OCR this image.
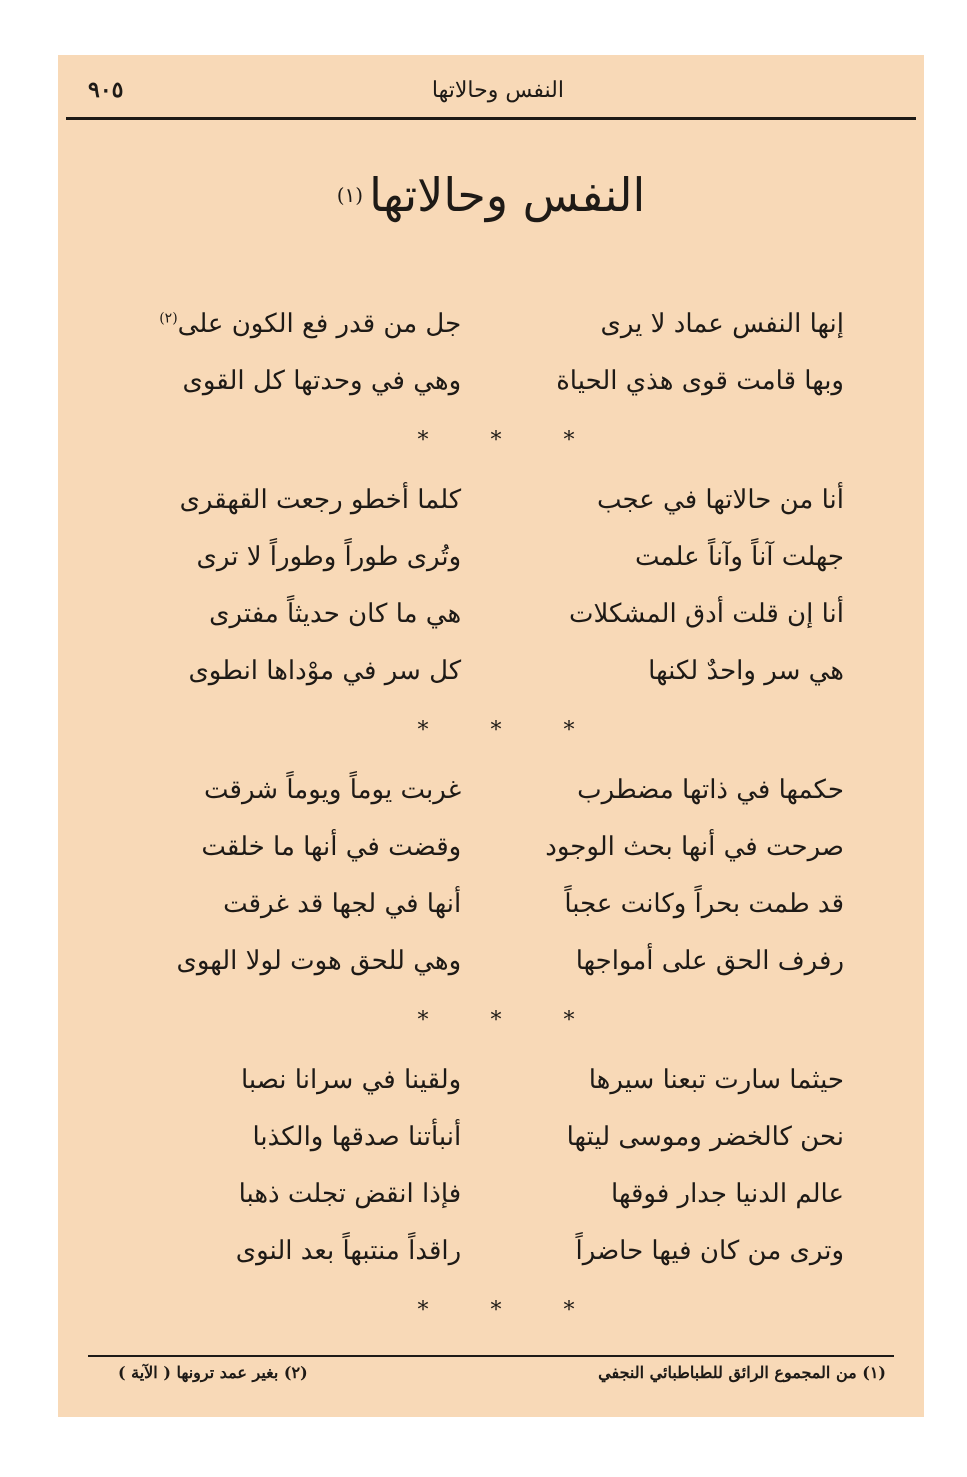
النفس وحالاتها
٩٠٥
النفس وحالاتها$^{(١)}$
إنها النفس عماد لا يرى
جل من قدر فع الكون على$^{(٢)}$
وبها قامت قوى هذي الحياة
وهي في وحدتها كل القوى
*
*
*
أنا من حالاتها في عجب
كلما أخطو رجعت القهقرى
جهلت آناً وآناً علمت
وتُرى طوراً وطوراً لا ترى
أنا إن قلت أدق المشكلات
هي ما كان حديثاً مفترى
هي سر واحدٌ لكنها
كل سر في موْداها انطوى
*
*
*
حكمها في ذاتها مضطرب
غربت يوماً ويوماً شرقت
صرحت في أنها بحث الوجود
وقضت في أنها ما خلقت
قد طمت بحراً وكانت عجباً
أنها في لجها قد غرقت
رفرف الحق على أمواجها
وهي للحق هوت لولا الهوى
*
*
*
حيثما سارت تبعنا سيرها
ولقينا في سرانا نصبا
نحن كالخضر وموسى ليتها
أنبأتنا صدقها والكذبا
عالم الدنيا جدار فوقها
فإذا انقض تجلت ذهبا
وترى من كان فيها حاضراً
راقداً منتبهاً بعد النوى
*
*
*
(١) من المجموع الرائق للطباطبائي النجفي
(٢) بغير عمد ترونها ( الآية )
